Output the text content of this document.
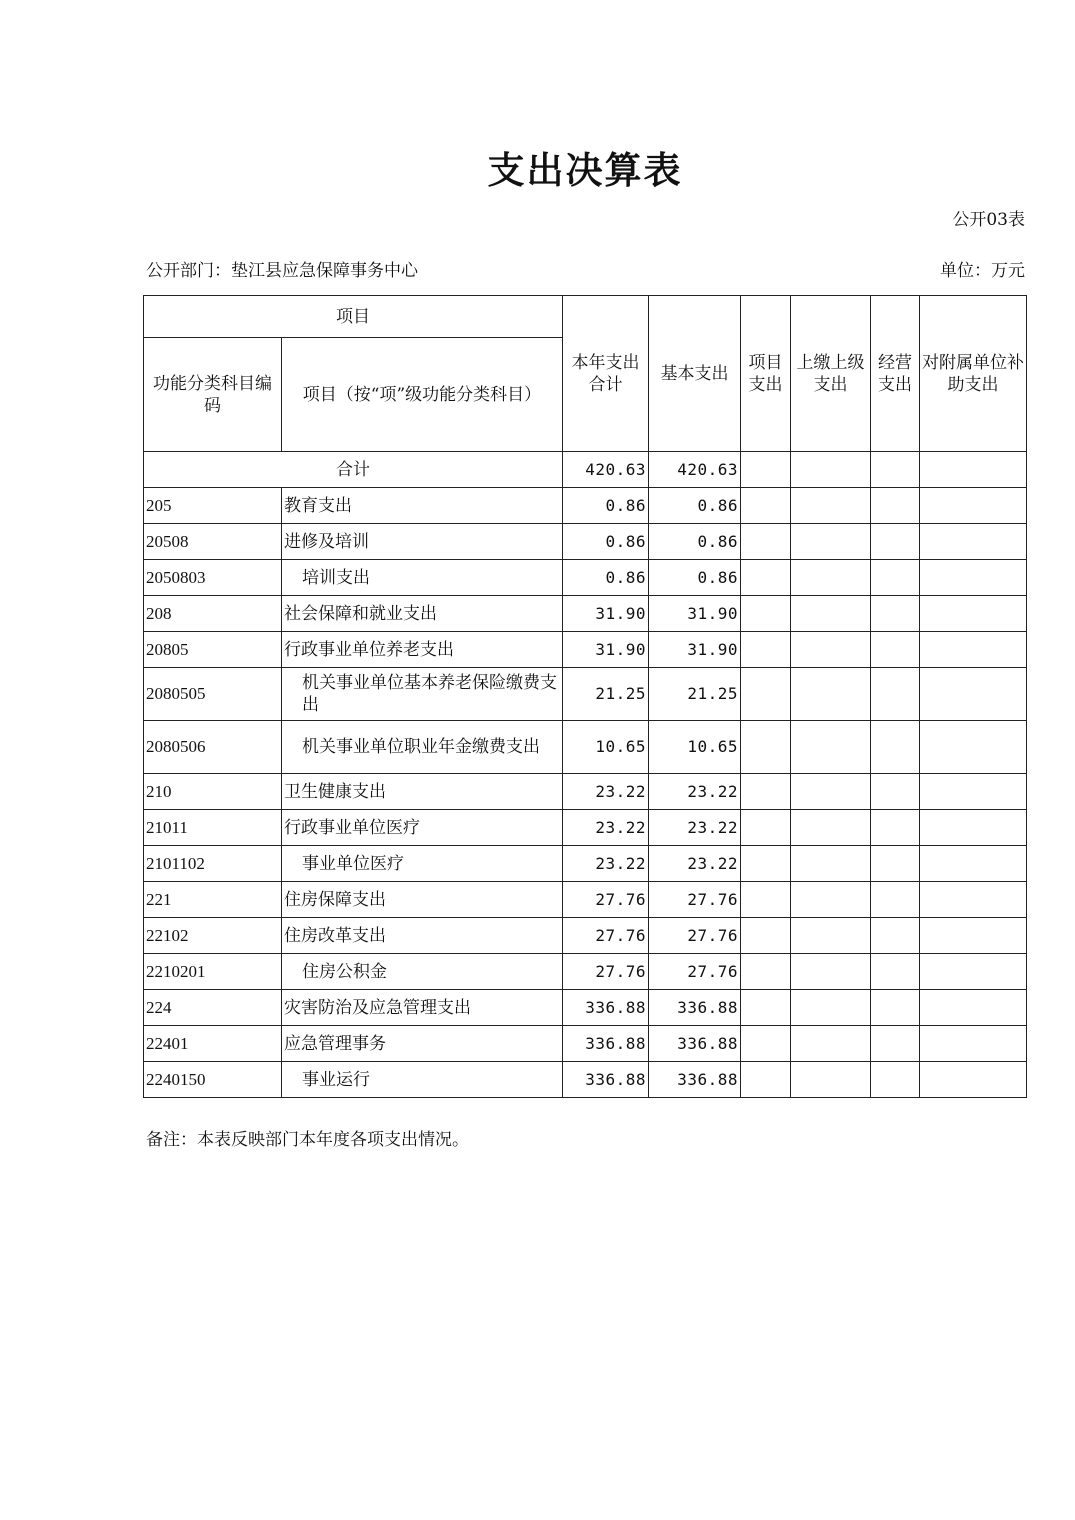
支出决算表
公开03表
公开部门：垫江县应急保障事务中心	单位：万元
项目		本年支出合计	基本支出	项目支出	上缴上级支出	经营支出	对附属单位补助支出
功能分类科目编码	项目（按“项”级功能分类科目）						
合计		420.63	420.63				
205	教育支出	0.86	0.86				
20508	进修及培训	0.86	0.86				
2050803	培训支出	0.86	0.86				
208	社会保障和就业支出	31.90	31.90				
20805	行政事业单位养老支出	31.90	31.90				
2080505	机关事业单位基本养老保险缴费支出	21.25	21.25				
2080506	机关事业单位职业年金缴费支出	10.65	10.65				
210	卫生健康支出	23.22	23.22				
21011	行政事业单位医疗	23.22	23.22				
2101102	事业单位医疗	23.22	23.22				
221	住房保障支出	27.76	27.76				
22102	住房改革支出	27.76	27.76				
2210201	住房公积金	27.76	27.76				
224	灾害防治及应急管理支出	336.88	336.88				
22401	应急管理事务	336.88	336.88				
2240150	事业运行	336.88	336.88				
备注：本表反映部门本年度各项支出情况。
